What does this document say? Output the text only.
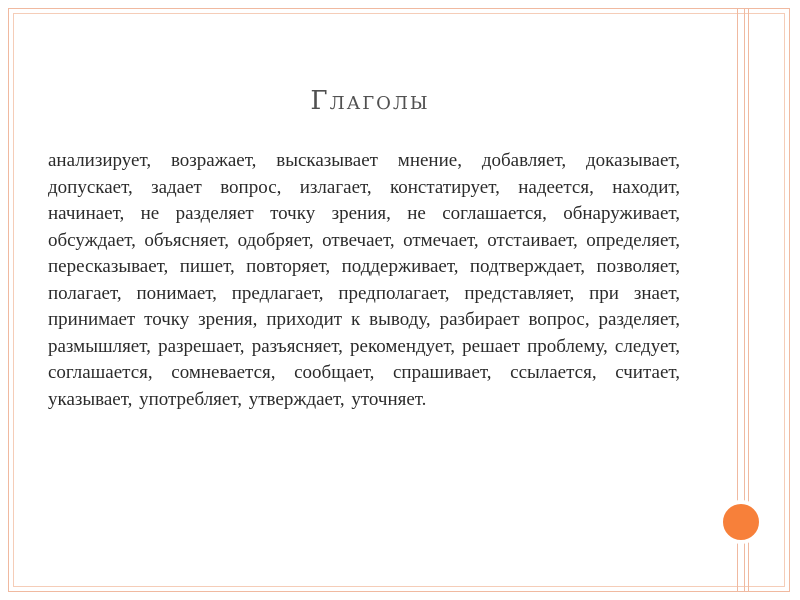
Глаголы
анализирует, возражает, высказывает мнение, добавляет, доказывает, допускает, задает вопрос, излагает, констатирует, надеется, находит, начинает, не разделяет точку зрения, не соглашается, обнаруживает, обсуждает, объясняет, одобряет, отвечает, отмечает, отстаивает, определяет, пересказывает, пишет, повторяет, поддерживает, подтверждает, позволяет, полагает, понимает, предлагает, предполагает, представляет, при знает, принимает точку зрения, приходит к выводу, разбирает вопрос, разделяет, размышляет, разрешает, разъясняет, рекомендует, решает проблему, следует, соглашается, сомневается, сообщает, спрашивает, ссылается, считает, указывает, употребляет, утверждает, уточняет.
